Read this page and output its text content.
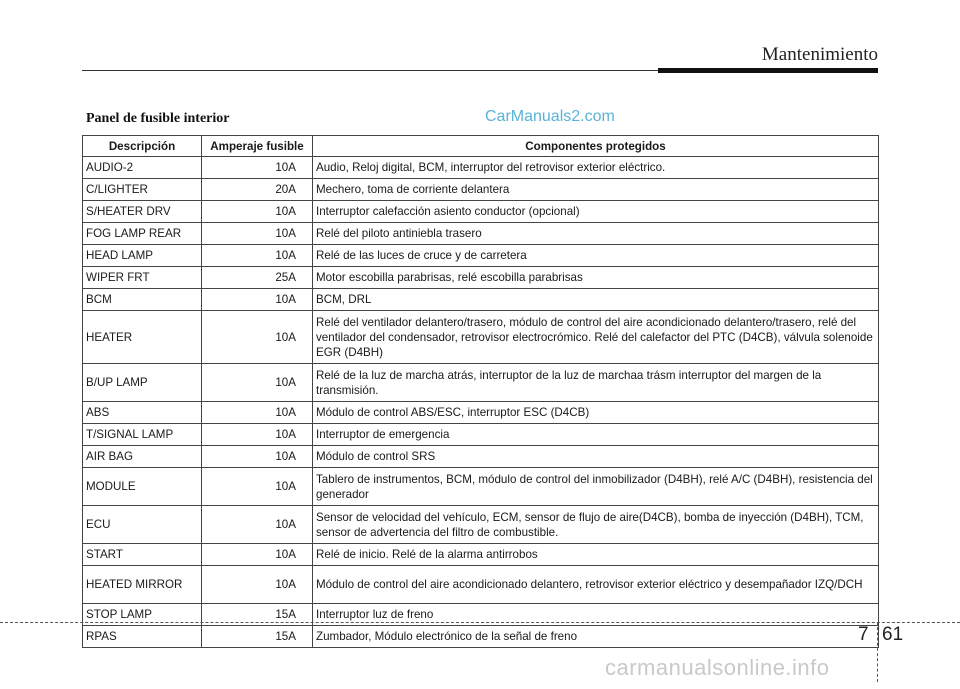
Mantenimiento
Panel de fusible interior	CarManuals2.com
Descripción	Amperaje fusible	Componentes protegidos
AUDIO-2	10A	Audio, Reloj digital, BCM, interruptor del retrovisor exterior eléctrico.
C/LIGHTER	20A	Mechero, toma de corriente delantera
S/HEATER DRV	10A	Interruptor calefacción asiento conductor (opcional)
FOG LAMP REAR	10A	Relé del piloto antiniebla trasero
HEAD LAMP	10A	Relé de las luces de cruce y de carretera
WIPER FRT	25A	Motor escobilla parabrisas, relé escobilla parabrisas
BCM	10A	BCM, DRL
HEATER	10A	Relé del ventilador delantero/trasero, módulo de control del aire acondicionado delantero/trasero, relé del ventilador del condensador, retrovisor electrocrómico. Relé del calefactor del PTC (D4CB), válvula solenoide EGR (D4BH)
B/UP LAMP	10A	Relé de la luz de marcha atrás, interruptor de la luz de marchaa trásm interruptor del margen de la transmisión.
ABS	10A	Módulo de control ABS/ESC, interruptor ESC (D4CB)
T/SIGNAL LAMP	10A	Interruptor de emergencia
AIR BAG	10A	Módulo de control SRS
MODULE	10A	Tablero de instrumentos, BCM, módulo de control del inmobilizador (D4BH), relé A/C (D4BH), resistencia del generador
ECU	10A	Sensor de velocidad del vehículo, ECM, sensor de flujo de aire(D4CB), bomba de inyección (D4BH), TCM, sensor de advertencia del filtro de combustible.
START	10A	Relé de inicio. Relé de la alarma antirrobos
HEATED MIRROR	10A	Módulo de control del aire acondicionado delantero, retrovisor exterior eléctrico y desempañador IZQ/DCH
STOP LAMP	15A	Interruptor luz de freno
RPAS	15A	Zumbador, Módulo electrónico de la señal de freno	7 61
carmanualsonline.info
